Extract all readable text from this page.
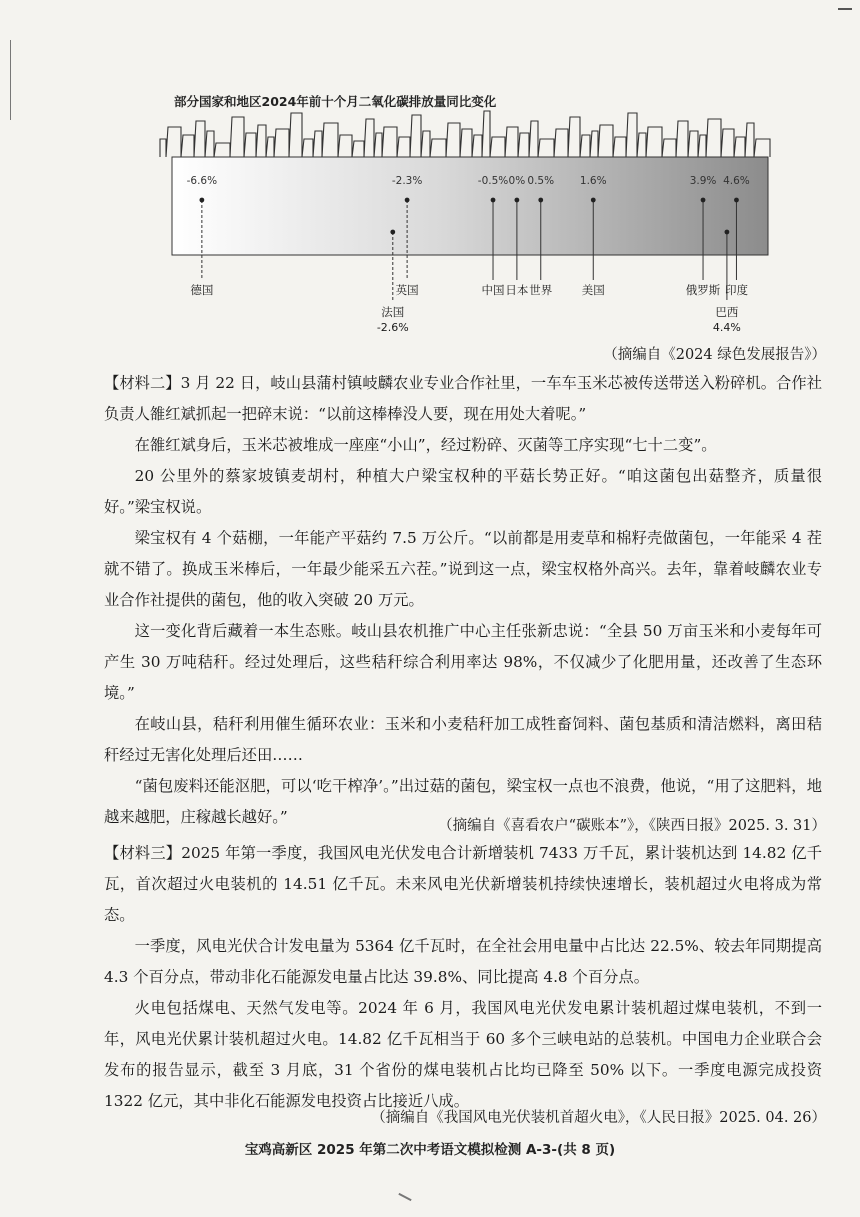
部分国家和地区2024年前十个月二氧化碳排放量同比变化
-6.6%
德国
法国
-2.6%
-2.3%
英国
-0.5%
中国
0%
日本
0.5%
世界
1.6%
美国
3.9%
俄罗斯
巴西
4.4%
4.6%
印度
（摘编自《2024 绿色发展报告》）

【材料二】3 月 22 日，岐山县蒲村镇岐麟农业专业合作社里，一车车玉米芯被传送带送入粉碎机。合作社负责人雒红斌抓起一把碎末说：“以前这棒棒没人要，现在用处大着呢。”

在雒红斌身后，玉米芯被堆成一座座“小山”，经过粉碎、灭菌等工序实现“七十二变”。

20 公里外的蔡家坡镇麦胡村，种植大户梁宝权种的平菇长势正好。“咱这菌包出菇整齐，质量很好。”梁宝权说。

梁宝权有 4 个菇棚，一年能产平菇约 7.5 万公斤。“以前都是用麦草和棉籽壳做菌包，一年能采 4 茬就不错了。换成玉米棒后，一年最少能采五六茬。”说到这一点，梁宝权格外高兴。去年，靠着岐麟农业专业合作社提供的菌包，他的收入突破 20 万元。

这一变化背后藏着一本生态账。岐山县农机推广中心主任张新忠说：“全县 50 万亩玉米和小麦每年可产生 30 万吨秸秆。经过处理后，这些秸秆综合利用率达 98%，不仅减少了化肥用量，还改善了生态环境。”

在岐山县，秸秆利用催生循环农业：玉米和小麦秸秆加工成牲畜饲料、菌包基质和清洁燃料，离田秸秆经过无害化处理后还田……

“菌包废料还能沤肥，可以‘吃干榨净’。”出过菇的菌包，梁宝权一点也不浪费，他说，“用了这肥料，地越来越肥，庄稼越长越好。”	（摘编自《喜看农户“碳账本”》，《陕西日报》2025. 3. 31）

【材料三】2025 年第一季度，我国风电光伏发电合计新增装机 7433 万千瓦，累计装机达到 14.82 亿千瓦，首次超过火电装机的 14.51 亿千瓦。未来风电光伏新增装机持续快速增长，装机超过火电将成为常态。

一季度，风电光伏合计发电量为 5364 亿千瓦时，在全社会用电量中占比达 22.5%、较去年同期提高 4.3 个百分点，带动非化石能源发电量占比达 39.8%、同比提高 4.8 个百分点。

火电包括煤电、天然气发电等。2024 年 6 月，我国风电光伏发电累计装机超过煤电装机，不到一年，风电光伏累计装机超过火电。14.82 亿千瓦相当于 60 多个三峡电站的总装机。中国电力企业联合会发布的报告显示，截至 3 月底，31 个省份的煤电装机占比均已降至 50% 以下。一季度电源完成投资 1322 亿元，其中非化石能源发电投资占比接近八成。

（摘编自《我国风电光伏装机首超火电》，《人民日报》2025. 04. 26）
宝鸡高新区 2025 年第二次中考语文模拟检测 A-3-(共 8 页)
